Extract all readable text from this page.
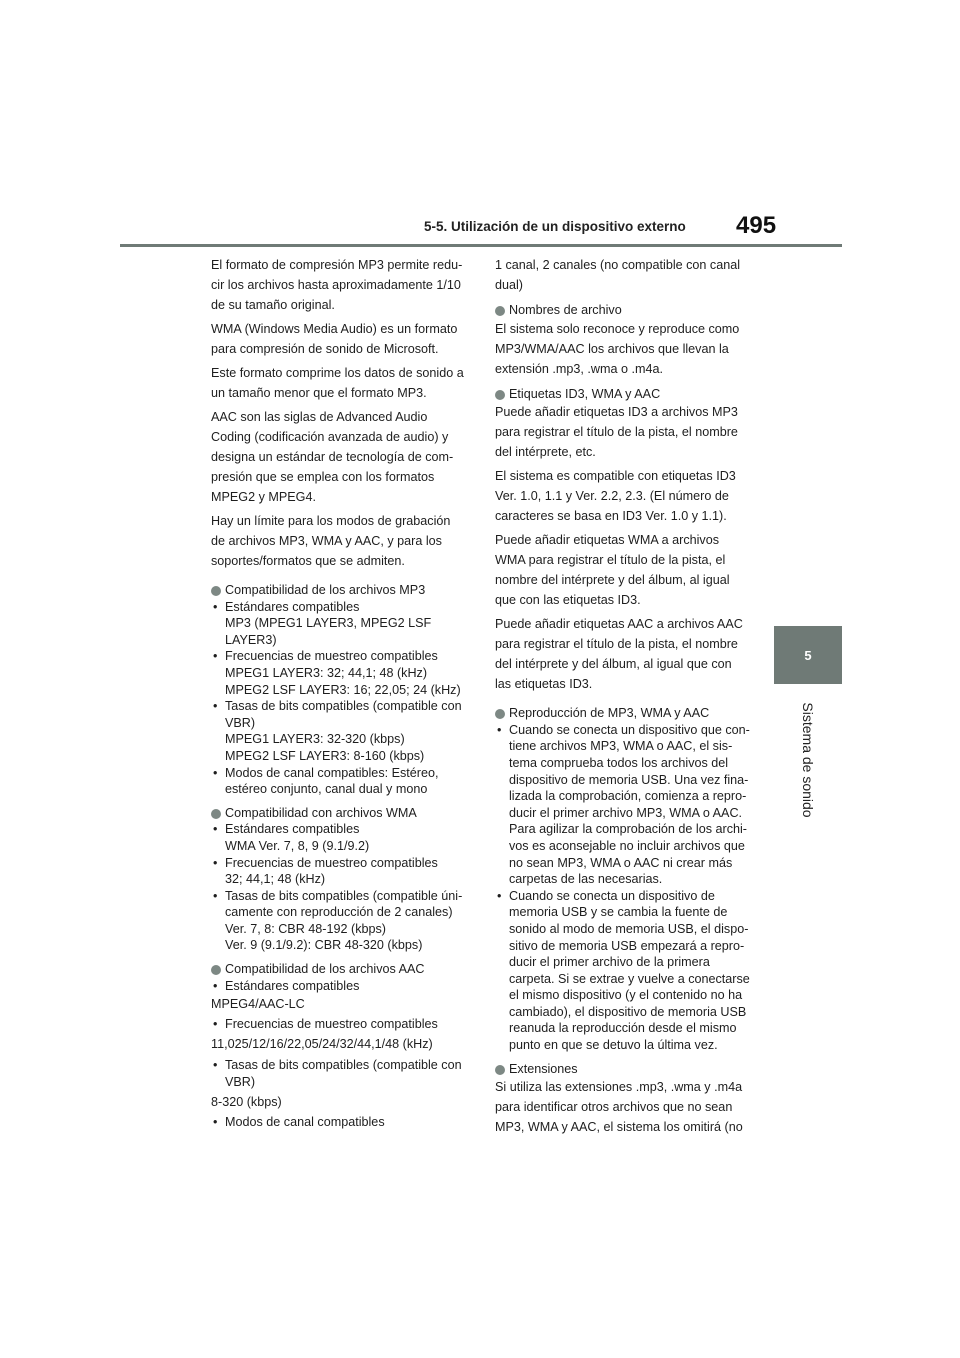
5-5. Utilización de un dispositivo externo 495
5
Sistema de sonido
El formato de compresión MP3 permite redu-
cir los archivos hasta aproximadamente 1/10
de su tamaño original.
WMA (Windows Media Audio) es un formato
para compresión de sonido de Microsoft.
Este formato comprime los datos de sonido a
un tamaño menor que el formato MP3.
AAC son las siglas de Advanced Audio
Coding (codificación avanzada de audio) y
designa un estándar de tecnología de com-
presión que se emplea con los formatos
MPEG2 y MPEG4.
Hay un límite para los modos de grabación
de archivos MP3, WMA y AAC, y para los
soportes/formatos que se admiten.
Compatibilidad de los archivos MP3
• Estándares compatibles
MP3 (MPEG1 LAYER3, MPEG2 LSF
LAYER3)
• Frecuencias de muestreo compatibles
MPEG1 LAYER3: 32; 44,1; 48 (kHz)
MPEG2 LSF LAYER3: 16; 22,05; 24 (kHz)
• Tasas de bits compatibles (compatible con
VBR)
MPEG1 LAYER3: 32-320 (kbps)
MPEG2 LSF LAYER3: 8-160 (kbps)
• Modos de canal compatibles: Estéreo,
estéreo conjunto, canal dual y mono
Compatibilidad con archivos WMA
• Estándares compatibles
WMA Ver. 7, 8, 9 (9.1/9.2)
• Frecuencias de muestreo compatibles
32; 44,1; 48 (kHz)
• Tasas de bits compatibles (compatible úni-
camente con reproducción de 2 canales)
Ver. 7, 8: CBR 48-192 (kbps)
Ver. 9 (9.1/9.2): CBR 48-320 (kbps)
Compatibilidad de los archivos AAC
• Estándares compatibles
MPEG4/AAC-LC
• Frecuencias de muestreo compatibles
11,025/12/16/22,05/24/32/44,1/48 (kHz)
• Tasas de bits compatibles (compatible con
VBR)
8-320 (kbps)
• Modos de canal compatibles
1 canal, 2 canales (no compatible con canal
dual)
Nombres de archivo
El sistema solo reconoce y reproduce como
MP3/WMA/AAC los archivos que llevan la
extensión .mp3, .wma o .m4a.
Etiquetas ID3, WMA y AAC
Puede añadir etiquetas ID3 a archivos MP3
para registrar el título de la pista, el nombre
del intérprete, etc.
El sistema es compatible con etiquetas ID3
Ver. 1.0, 1.1 y Ver. 2.2, 2.3. (El número de
caracteres se basa en ID3 Ver. 1.0 y 1.1).
Puede añadir etiquetas WMA a archivos
WMA para registrar el título de la pista, el
nombre del intérprete y del álbum, al igual
que con las etiquetas ID3.
Puede añadir etiquetas AAC a archivos AAC
para registrar el título de la pista, el nombre
del intérprete y del álbum, al igual que con
las etiquetas ID3.
Reproducción de MP3, WMA y AAC
• Cuando se conecta un dispositivo que con-
tiene archivos MP3, WMA o AAC, el sis-
tema comprueba todos los archivos del
dispositivo de memoria USB. Una vez fina-
lizada la comprobación, comienza a repro-
ducir el primer archivo MP3, WMA o AAC.
Para agilizar la comprobación de los archi-
vos es aconsejable no incluir archivos que
no sean MP3, WMA o AAC ni crear más
carpetas de las necesarias.
• Cuando se conecta un dispositivo de
memoria USB y se cambia la fuente de
sonido al modo de memoria USB, el dispo-
sitivo de memoria USB empezará a repro-
ducir el primer archivo de la primera
carpeta. Si se extrae y vuelve a conectarse
el mismo dispositivo (y el contenido no ha
cambiado), el dispositivo de memoria USB
reanuda la reproducción desde el mismo
punto en que se detuvo la última vez.
Extensiones
Si utiliza las extensiones .mp3, .wma y .m4a
para identificar otros archivos que no sean
MP3, WMA y AAC, el sistema los omitirá (no
